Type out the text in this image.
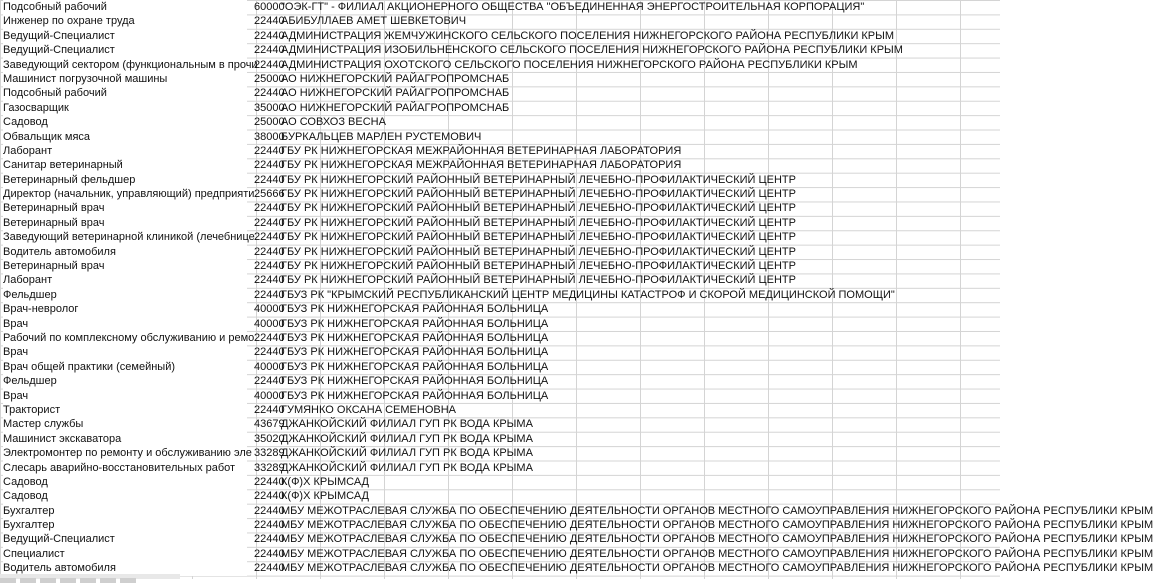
Подсобный рабочий	60000
"ОЭК-ГТ" - ФИЛИАЛ АКЦИОНЕРНОГО ОБЩЕСТВА "ОБЪЕДИНЕННАЯ ЭНЕРГОСТРОИТЕЛЬНАЯ КОРПОРАЦИЯ"
Инженер по охране труда	22440
АБИБУЛЛАЕВ АМЕТ ШЕВКЕТОВИЧ
Ведущий-Специалист	22440
АДМИНИСТРАЦИЯ ЖЕМЧУЖИНСКОГО СЕЛЬСКОГО ПОСЕЛЕНИЯ НИЖНЕГОРСКОГО РАЙОНА РЕСПУБЛИКИ КРЫМ
Ведущий-Специалист	22440
АДМИНИСТРАЦИЯ ИЗОБИЛЬНЕНСКОГО СЕЛЬСКОГО ПОСЕЛЕНИЯ НИЖНЕГОРСКОГО РАЙОНА РЕСПУБЛИКИ КРЫМ
Заведующий сектором (функциональным в прочи
22440
АДМИНИСТРАЦИЯ ОХОТСКОГО СЕЛЬСКОГО ПОСЕЛЕНИЯ НИЖНЕГОРСКОГО РАЙОНА РЕСПУБЛИКИ КРЫМ
Машинист погрузочной машины	25000
АО НИЖНЕГОРСКИЙ РАЙАГРОПРОМСНАБ
Подсобный рабочий	22440
АО НИЖНЕГОРСКИЙ РАЙАГРОПРОМСНАБ
Газосварщик	35000
АО НИЖНЕГОРСКИЙ РАЙАГРОПРОМСНАБ
Садовод	25000
АО СОВХОЗ ВЕСНА
Обвальщик мяса	38000
БУРКАЛЬЦЕВ МАРЛЕН РУСТЕМОВИЧ
Лаборант	22440
ГБУ РК НИЖНЕГОРСКАЯ МЕЖРАЙОННАЯ ВЕТЕРИНАРНАЯ ЛАБОРАТОРИЯ
Санитар ветеринарный	22440
ГБУ РК НИЖНЕГОРСКАЯ МЕЖРАЙОННАЯ ВЕТЕРИНАРНАЯ ЛАБОРАТОРИЯ
Ветеринарный фельдшер	22440
ГБУ РК НИЖНЕГОРСКИЙ РАЙОННЫЙ ВЕТЕРИНАРНЫЙ ЛЕЧЕБНО-ПРОФИЛАКТИЧЕСКИЙ ЦЕНТР
Директор (начальник, управляющий) предприяти 25666
ГБУ РК НИЖНЕГОРСКИЙ РАЙОННЫЙ ВЕТЕРИНАРНЫЙ ЛЕЧЕБНО-ПРОФИЛАКТИЧЕСКИЙ ЦЕНТР
Ветеринарный врач	22440
ГБУ РК НИЖНЕГОРСКИЙ РАЙОННЫЙ ВЕТЕРИНАРНЫЙ ЛЕЧЕБНО-ПРОФИЛАКТИЧЕСКИЙ ЦЕНТР
Ветеринарный врач	22440
ГБУ РК НИЖНЕГОРСКИЙ РАЙОННЫЙ ВЕТЕРИНАРНЫЙ ЛЕЧЕБНО-ПРОФИЛАКТИЧЕСКИЙ ЦЕНТР
Заведующий ветеринарной клиникой (лечебнице 22440
ГБУ РК НИЖНЕГОРСКИЙ РАЙОННЫЙ ВЕТЕРИНАРНЫЙ ЛЕЧЕБНО-ПРОФИЛАКТИЧЕСКИЙ ЦЕНТР
Водитель автомобиля	22440
ГБУ РК НИЖНЕГОРСКИЙ РАЙОННЫЙ ВЕТЕРИНАРНЫЙ ЛЕЧЕБНО-ПРОФИЛАКТИЧЕСКИЙ ЦЕНТР
Ветеринарный врач	22440
ГБУ РК НИЖНЕГОРСКИЙ РАЙОННЫЙ ВЕТЕРИНАРНЫЙ ЛЕЧЕБНО-ПРОФИЛАКТИЧЕСКИЙ ЦЕНТР
Лаборант	22440
ГБУ РК НИЖНЕГОРСКИЙ РАЙОННЫЙ ВЕТЕРИНАРНЫЙ ЛЕЧЕБНО-ПРОФИЛАКТИЧЕСКИЙ ЦЕНТР
Фельдшер	22440
ГБУЗ РК "КРЫМСКИЙ РЕСПУБЛИКАНСКИЙ ЦЕНТР МЕДИЦИНЫ КАТАСТРОФ И СКОРОЙ МЕДИЦИНСКОЙ ПОМОЩИ"
Врач-невролог	40000
ГБУЗ РК НИЖНЕГОРСКАЯ РАЙОННАЯ БОЛЬНИЦА
Врач	40000
ГБУЗ РК НИЖНЕГОРСКАЯ РАЙОННАЯ БОЛЬНИЦА
Рабочий по комплексному обслуживанию и ремо 22440
ГБУЗ РК НИЖНЕГОРСКАЯ РАЙОННАЯ БОЛЬНИЦА
Врач	22440
ГБУЗ РК НИЖНЕГОРСКАЯ РАЙОННАЯ БОЛЬНИЦА
Врач общей практики (семейный)	40000
ГБУЗ РК НИЖНЕГОРСКАЯ РАЙОННАЯ БОЛЬНИЦА
Фельдшер	22440
ГБУЗ РК НИЖНЕГОРСКАЯ РАЙОННАЯ БОЛЬНИЦА
Врач	40000
ГБУЗ РК НИЖНЕГОРСКАЯ РАЙОННАЯ БОЛЬНИЦА
Тракторист	22440
ГУМЯНКО ОКСАНА СЕМЕНОВНА
Мастер службы	43679
ДЖАНКОЙСКИЙ ФИЛИАЛ ГУП РК ВОДА КРЫМА
Машинист экскаватора	35020
ДЖАНКОЙСКИЙ ФИЛИАЛ ГУП РК ВОДА КРЫМА
Электромонтер по ремонту и обслуживанию эле 33289
ДЖАНКОЙСКИЙ ФИЛИАЛ ГУП РК ВОДА КРЫМА
Слесарь аварийно-восстановительных работ	33289
ДЖАНКОЙСКИЙ ФИЛИАЛ ГУП РК ВОДА КРЫМА
Садовод	22440
К(Ф)Х КРЫМСАД
Садовод	22440
К(Ф)Х КРЫМСАД
Бухгалтер	22440
МБУ МЕЖОТРАСЛЕВАЯ СЛУЖБА ПО ОБЕСПЕЧЕНИЮ ДЕЯТЕЛЬНОСТИ ОРГАНОВ МЕСТНОГО САМОУПРАВЛЕНИЯ НИЖНЕГОРСКОГО РАЙОНА РЕСПУБЛИКИ КРЫМ
Бухгалтер	22440
МБУ МЕЖОТРАСЛЕВАЯ СЛУЖБА ПО ОБЕСПЕЧЕНИЮ ДЕЯТЕЛЬНОСТИ ОРГАНОВ МЕСТНОГО САМОУПРАВЛЕНИЯ НИЖНЕГОРСКОГО РАЙОНА РЕСПУБЛИКИ КРЫМ
Ведущий-Специалист	22440
МБУ МЕЖОТРАСЛЕВАЯ СЛУЖБА ПО ОБЕСПЕЧЕНИЮ ДЕЯТЕЛЬНОСТИ ОРГАНОВ МЕСТНОГО САМОУПРАВЛЕНИЯ НИЖНЕГОРСКОГО РАЙОНА РЕСПУБЛИКИ КРЫМ
Специалист	22440
МБУ МЕЖОТРАСЛЕВАЯ СЛУЖБА ПО ОБЕСПЕЧЕНИЮ ДЕЯТЕЛЬНОСТИ ОРГАНОВ МЕСТНОГО САМОУПРАВЛЕНИЯ НИЖНЕГОРСКОГО РАЙОНА РЕСПУБЛИКИ КРЫМ
Водитель автомобиля	22440
МБУ МЕЖОТРАСЛЕВАЯ СЛУЖБА ПО ОБЕСПЕЧЕНИЮ ДЕЯТЕЛЬНОСТИ ОРГАНОВ МЕСТНОГО САМОУПРАВЛЕНИЯ НИЖНЕГОРСКОГО РАЙОНА РЕСПУБЛИКИ КРЫМ
